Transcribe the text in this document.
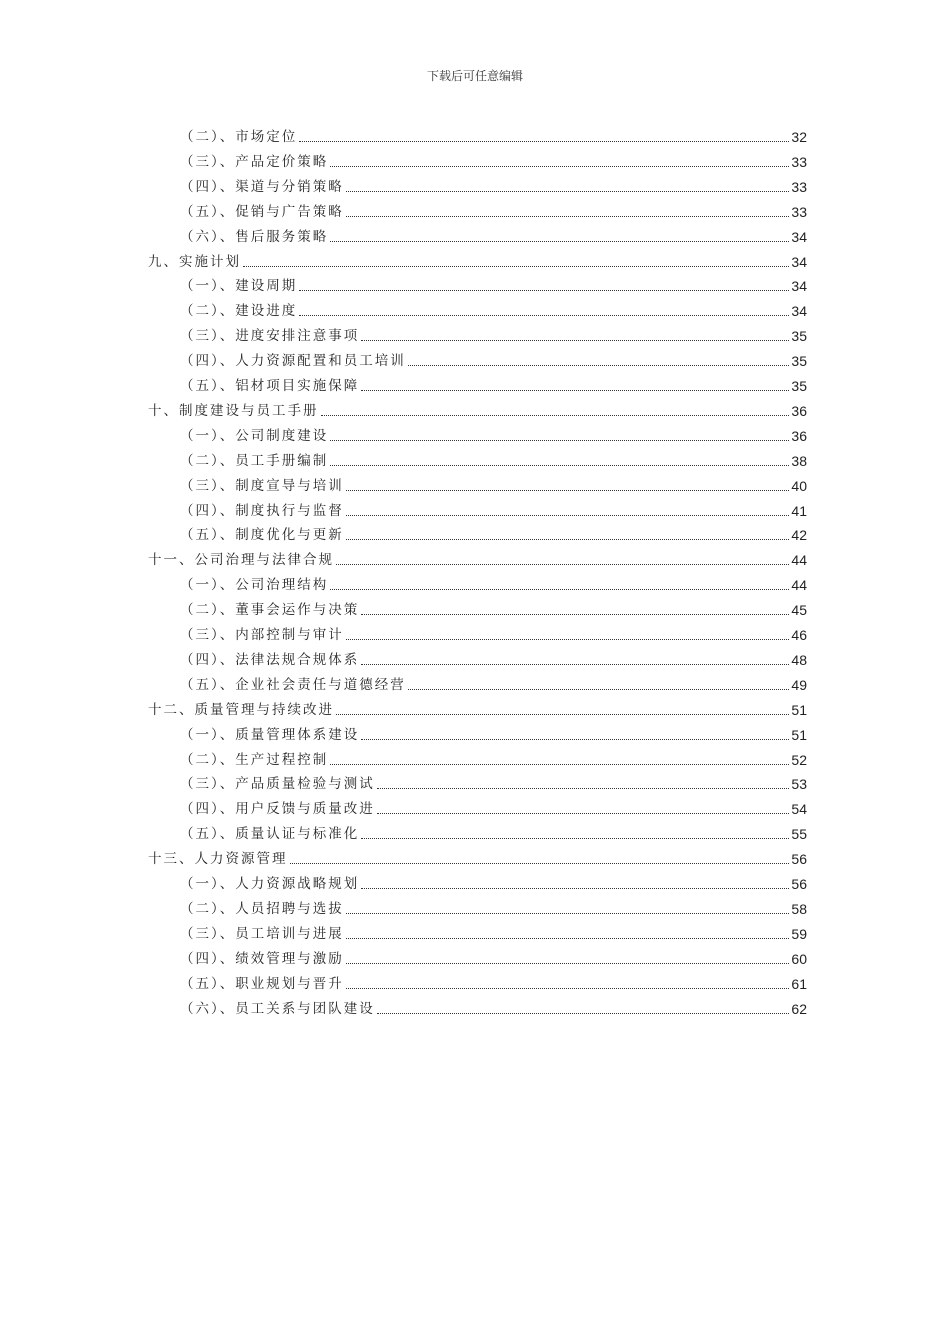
下载后可任意编辑
（二）、市场定位	32
（三）、产品定价策略	33
（四）、渠道与分销策略	33
（五）、促销与广告策略	33
（六）、售后服务策略	34
九、实施计划	34
（一）、建设周期	34
（二）、建设进度	34
（三）、进度安排注意事项	35
（四）、人力资源配置和员工培训	35
（五）、铝材项目实施保障	35
十、制度建设与员工手册	36
（一）、公司制度建设	36
（二）、员工手册编制	38
（三）、制度宣导与培训	40
（四）、制度执行与监督	41
（五）、制度优化与更新	42
十一、公司治理与法律合规	44
（一）、公司治理结构	44
（二）、董事会运作与决策	45
（三）、内部控制与审计	46
（四）、法律法规合规体系	48
（五）、企业社会责任与道德经营	49
十二、质量管理与持续改进	51
（一）、质量管理体系建设	51
（二）、生产过程控制	52
（三）、产品质量检验与测试	53
（四）、用户反馈与质量改进	54
（五）、质量认证与标准化	55
十三、人力资源管理	56
（一）、人力资源战略规划	56
（二）、人员招聘与选拔	58
（三）、员工培训与进展	59
（四）、绩效管理与激励	60
（五）、职业规划与晋升	61
（六）、员工关系与团队建设	62
